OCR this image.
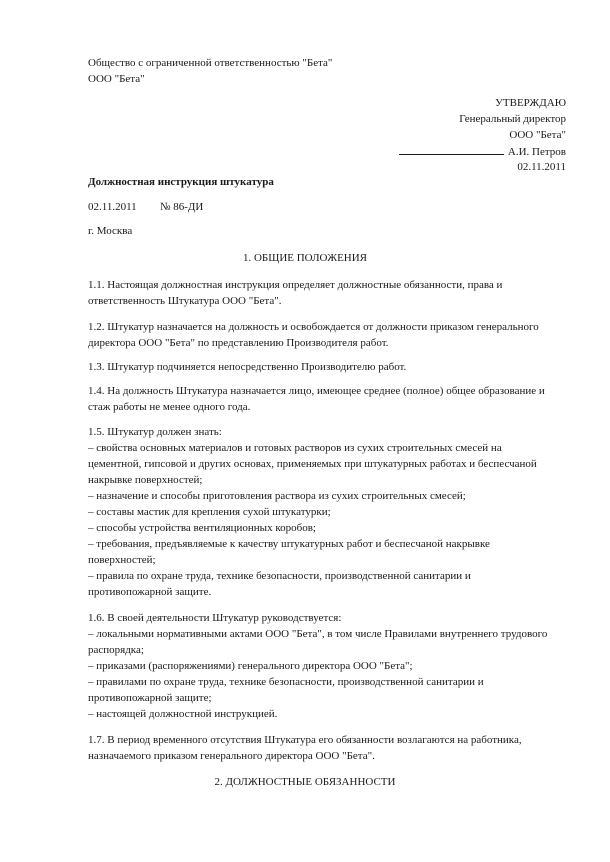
Общество с ограниченной ответственностью "Бета"
ООО "Бета"
УТВЕРЖДАЮ
Генеральный директор
ООО "Бета"
А.И. Петров
02.11.2011
Должностная инструкция штукатура
02.11.2011 № 86-ДИ
г. Москва
1. ОБЩИЕ ПОЛОЖЕНИЯ
1.1. Настоящая должностная инструкция определяет должностные обязанности, права и
ответственность Штукатура ООО "Бета".
1.2. Штукатур назначается на должность и освобождается от должности приказом генерального
директора ООО "Бета" по представлению Производителя работ.
1.3. Штукатур подчиняется непосредственно Производителю работ.
1.4. На должность Штукатура назначается лицо, имеющее среднее (полное) общее образование и
стаж работы не менее одного года.
1.5. Штукатур должен знать:
– свойства основных материалов и готовых растворов из сухих строительных смесей на
цементной, гипсовой и других основах, применяемых при штукатурных работах и беспесчаной
накрывке поверхностей;
– назначение и способы приготовления раствора из сухих строительных смесей;
– составы мастик для крепления сухой штукатурки;
– способы устройства вентиляционных коробов;
– требования, предъявляемые к качеству штукатурных работ и беспесчаной накрывке
поверхностей;
– правила по охране труда, технике безопасности, производственной санитарии и
противопожарной защите.
1.6. В своей деятельности Штукатур руководствуется:
– локальными нормативными актами ООО "Бета", в том числе Правилами внутреннего трудового
распорядка;
– приказами (распоряжениями) генерального директора ООО "Бета";
– правилами по охране труда, технике безопасности, производственной санитарии и
противопожарной защите;
– настоящей должностной инструкцией.
1.7. В период временного отсутствия Штукатура его обязанности возлагаются на работника,
назначаемого приказом генерального директора ООО "Бета".
2. ДОЛЖНОСТНЫЕ ОБЯЗАННОСТИ
